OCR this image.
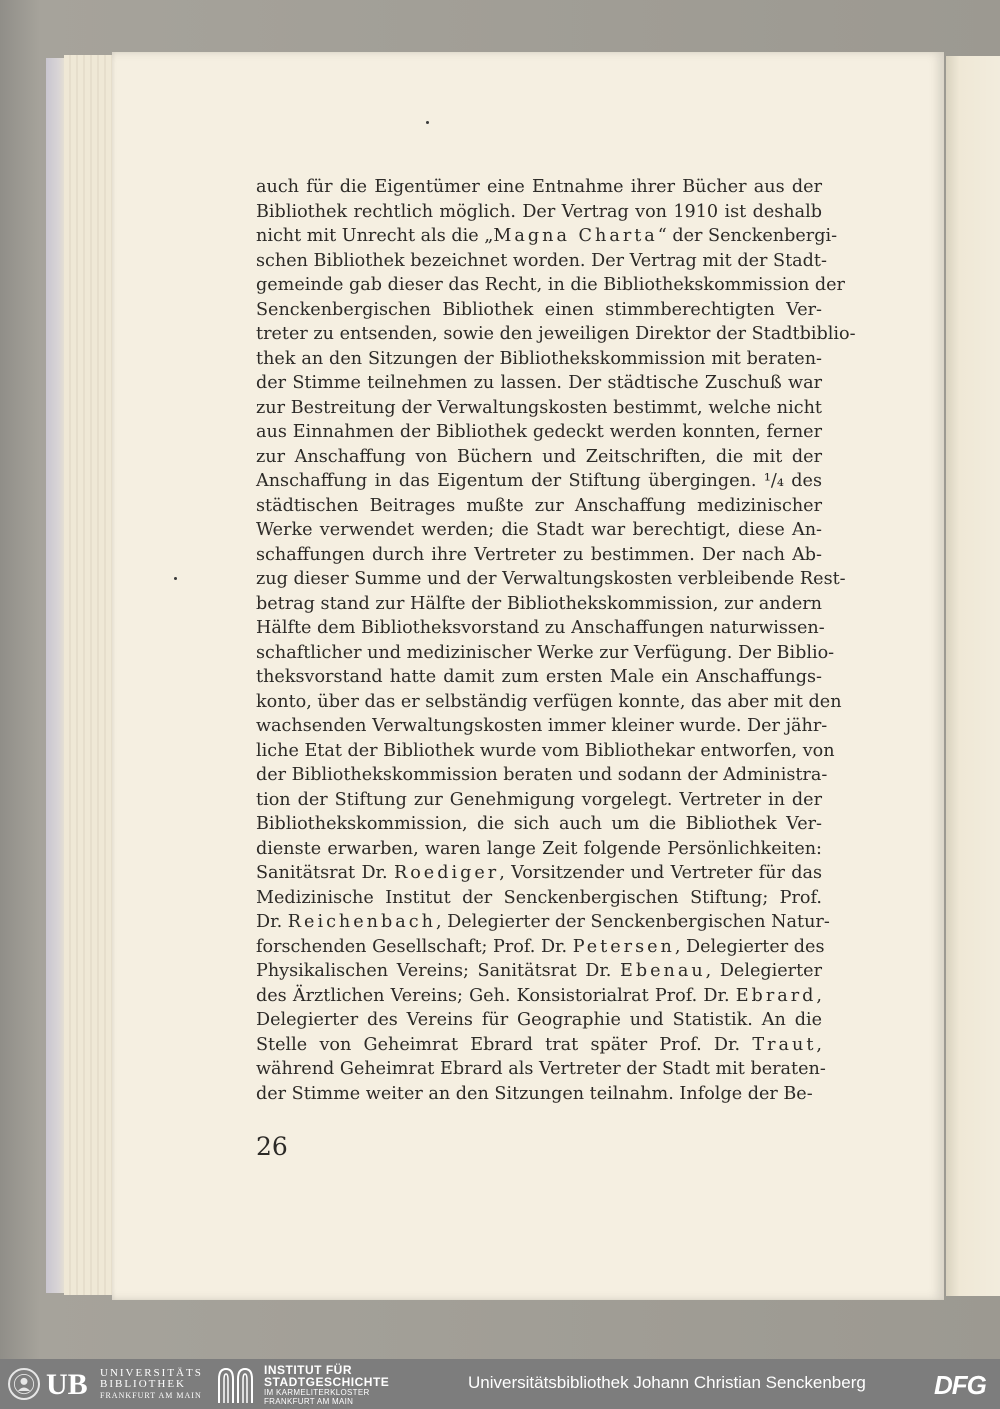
auch für die Eigentümer eine Entnahme ihrer Bücher aus der
Bibliothek rechtlich möglich. Der Vertrag von 1910 ist deshalb
nicht mit Unrecht als die „Magna Charta“ der Senckenbergi-
schen Bibliothek bezeichnet worden. Der Vertrag mit der Stadt-
gemeinde gab dieser das Recht, in die Bibliothekskommission der
Senckenbergischen Bibliothek einen stimmberechtigten Ver-
treter zu entsenden, sowie den jeweiligen Direktor der Stadtbiblio-
thek an den Sitzungen der Bibliothekskommission mit beraten-
der Stimme teilnehmen zu lassen. Der städtische Zuschuß war
zur Bestreitung der Verwaltungskosten bestimmt, welche nicht
aus Einnahmen der Bibliothek gedeckt werden konnten, ferner
zur Anschaffung von Büchern und Zeitschriften, die mit der
Anschaffung in das Eigentum der Stiftung übergingen. ¹/₄ des
städtischen Beitrages mußte zur Anschaffung medizinischer
Werke verwendet werden; die Stadt war berechtigt, diese An-
schaffungen durch ihre Vertreter zu bestimmen. Der nach Ab-
zug dieser Summe und der Verwaltungskosten verbleibende Rest-
betrag stand zur Hälfte der Bibliothekskommission, zur andern
Hälfte dem Bibliotheksvorstand zu Anschaffungen naturwissen-
schaftlicher und medizinischer Werke zur Verfügung. Der Biblio-
theksvorstand hatte damit zum ersten Male ein Anschaffungs-
konto, über das er selbständig verfügen konnte, das aber mit den
wachsenden Verwaltungskosten immer kleiner wurde. Der jähr-
liche Etat der Bibliothek wurde vom Bibliothekar entworfen, von
der Bibliothekskommission beraten und sodann der Administra-
tion der Stiftung zur Genehmigung vorgelegt. Vertreter in der
Bibliothekskommission, die sich auch um die Bibliothek Ver-
dienste erwarben, waren lange Zeit folgende Persönlichkeiten:
Sanitätsrat Dr. Roediger, Vorsitzender und Vertreter für das
Medizinische Institut der Senckenbergischen Stiftung; Prof.
Dr. Reichenbach, Delegierter der Senckenbergischen Natur-
forschenden Gesellschaft; Prof. Dr. Petersen, Delegierter des
Physikalischen Vereins; Sanitätsrat Dr. Ebenau, Delegierter
des Ärztlichen Vereins; Geh. Konsistorialrat Prof. Dr. Ebrard,
Delegierter des Vereins für Geographie und Statistik. An die
Stelle von Geheimrat Ebrard trat später Prof. Dr. Traut,
während Geheimrat Ebrard als Vertreter der Stadt mit beraten-
der Stimme weiter an den Sitzungen teilnahm. Infolge der Be-

26

UB UNIVERSITÄTS
BIBLIOTHEK
FRANKFURT AM MAIN
INSTITUT FÜR
STADTGESCHICHTE
IM KARMELITERKLOSTER
FRANKFURT AM MAIN
Universitätsbibliothek Johann Christian Senckenberg	DFG
